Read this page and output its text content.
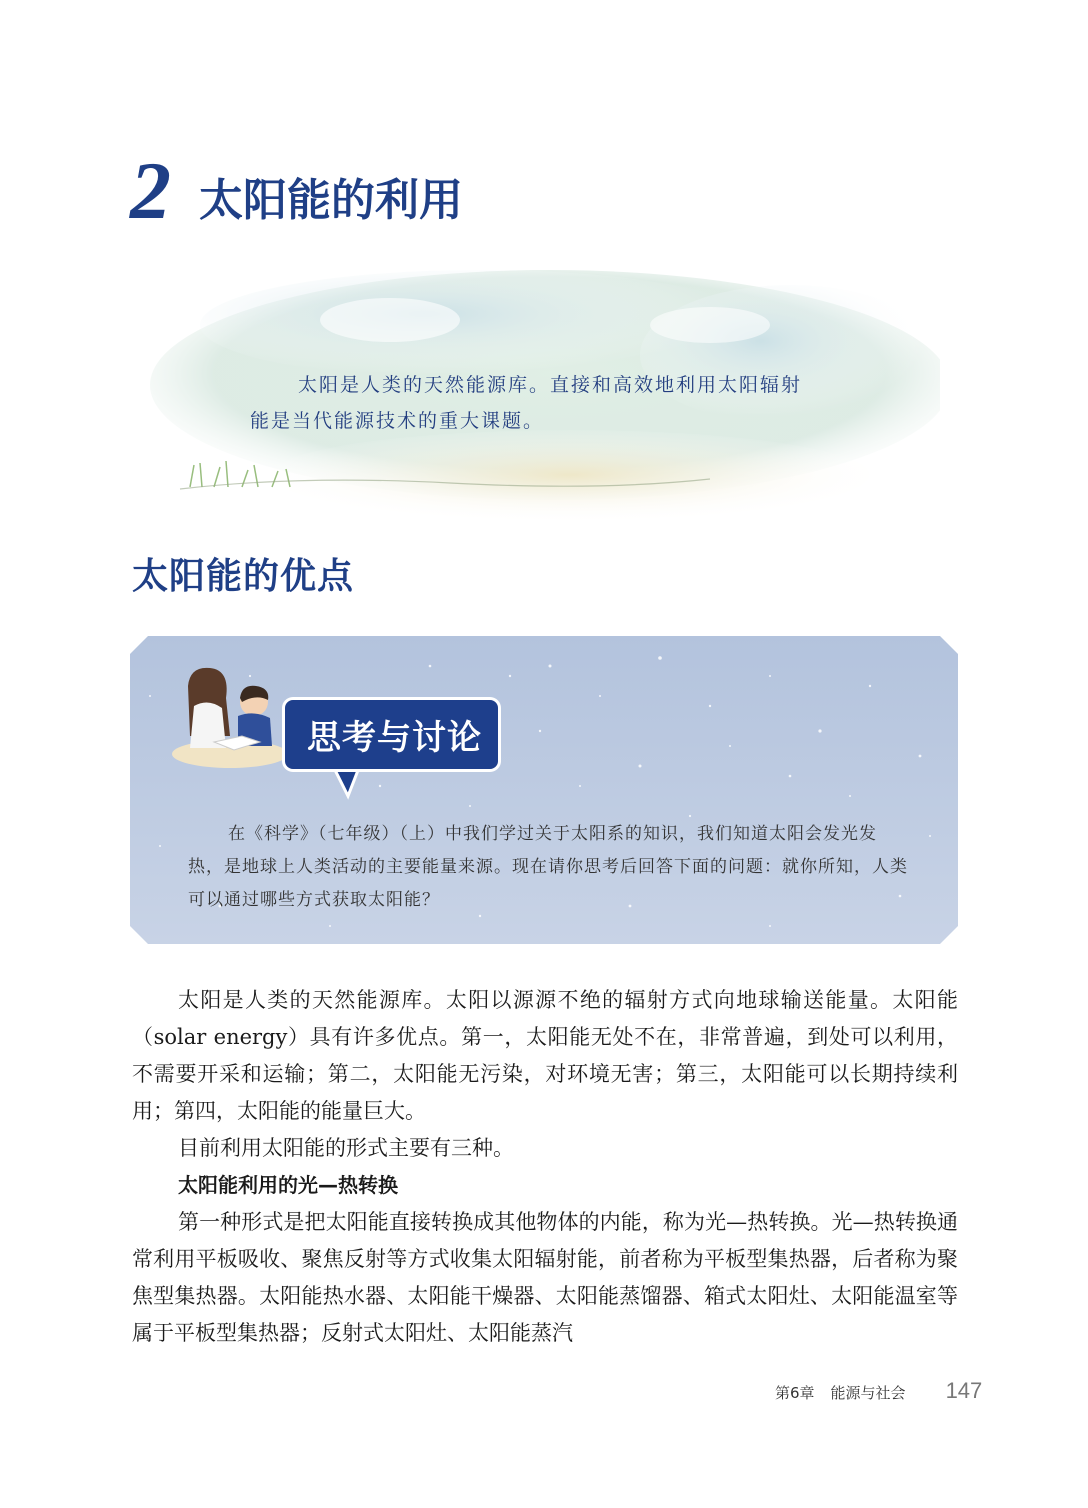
2 太阳能的利用

太阳是人类的天然能源库。直接和高效地利用太阳辐射

能是当代能源技术的重大课题。

太阳能的优点
思考与讨论

在《科学》（七年级）（上）中我们学过关于太阳系的知识，我们知道太阳会发光发热，是地球上人类活动的主要能量来源。现在请你思考后回答下面的问题：就你所知，人类可以通过哪些方式获取太阳能？

太阳是人类的天然能源库。太阳以源源不绝的辐射方式向地球输送能量。太阳能（solar energy）具有许多优点。第一，太阳能无处不在，非常普遍，到处可以利用，不需要开采和运输；第二，太阳能无污染，对环境无害；第三，太阳能可以长期持续利用；第四，太阳能的能量巨大。

目前利用太阳能的形式主要有三种。

太阳能利用的光—热转换

第一种形式是把太阳能直接转换成其他物体的内能，称为光—热转换。光—热转换通常利用平板吸收、聚焦反射等方式收集太阳辐射能，前者称为平板型集热器，后者称为聚焦型集热器。太阳能热水器、太阳能干燥器、太阳能蒸馏器、箱式太阳灶、太阳能温室等属于平板型集热器；反射式太阳灶、太阳能蒸汽

第6章 能源与社会 147
